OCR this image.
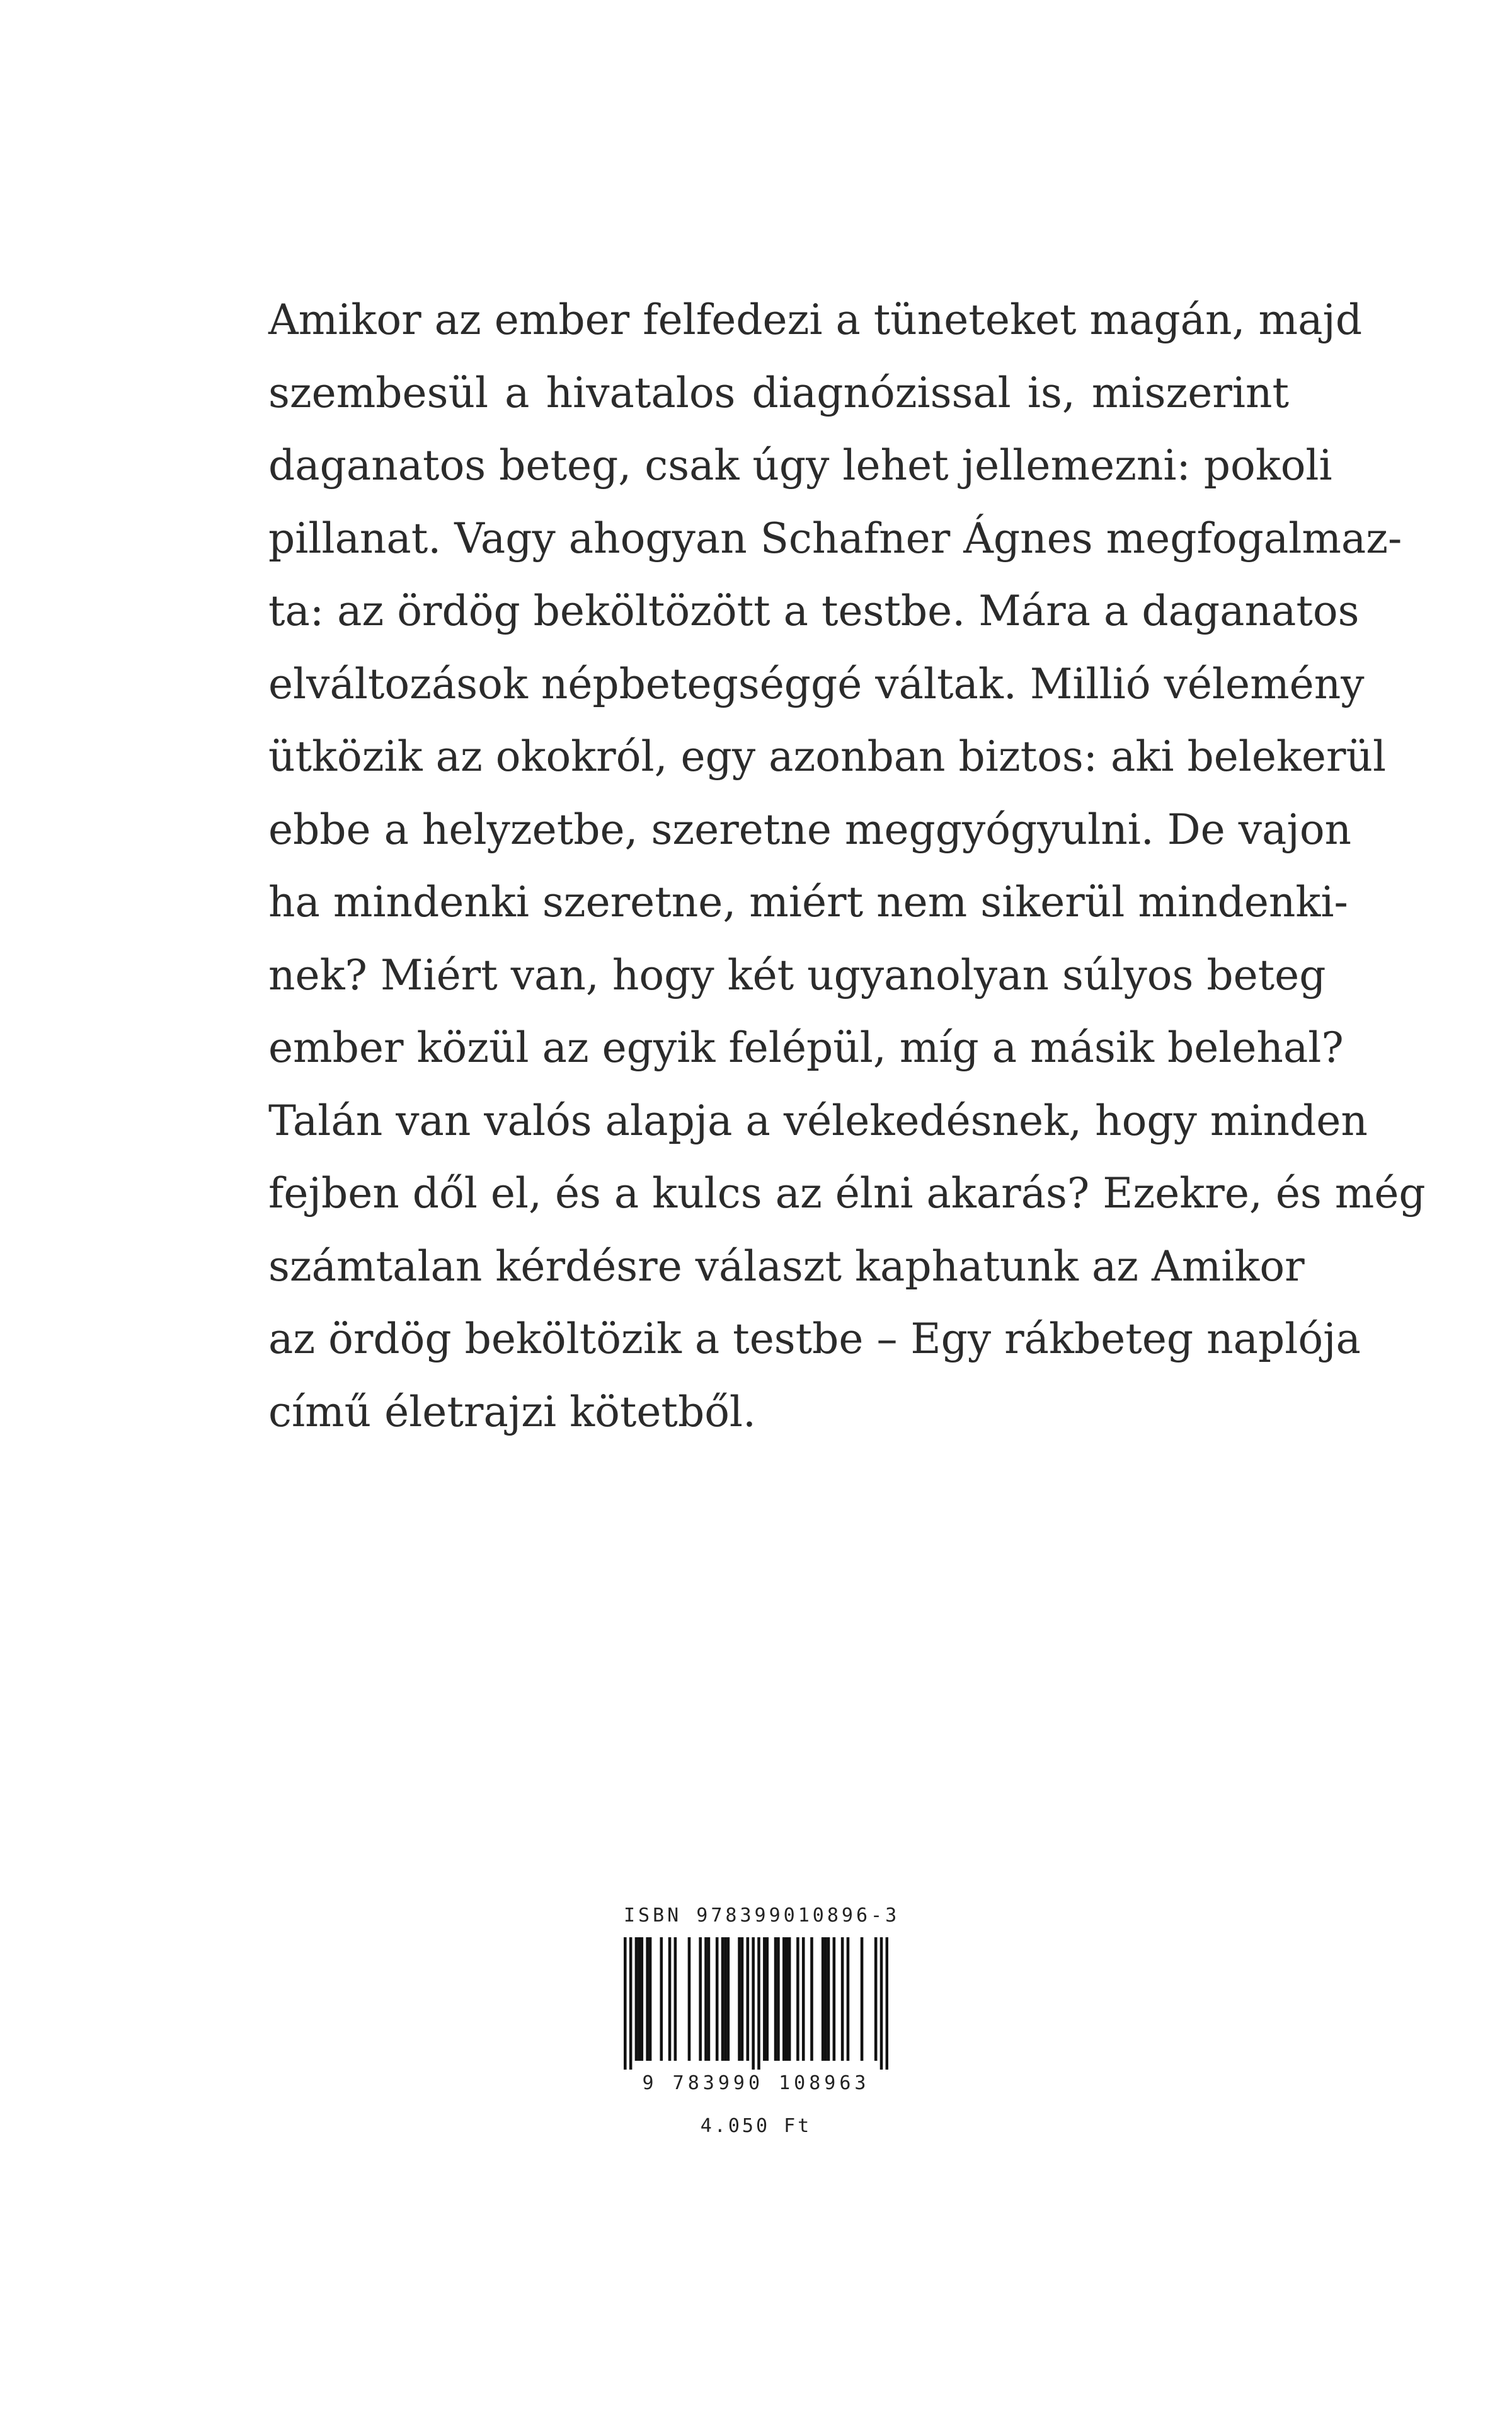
Amikor az ember felfedezi a tüneteket magán, majd
szembesül a hivatalos diagnózissal is, miszerint
daganatos beteg, csak úgy lehet jellemezni: pokoli
pillanat. Vagy ahogyan Schafner Ágnes megfogalmaz-
ta: az ördög beköltözött a testbe. Mára a daganatos
elváltozások népbetegséggé váltak. Millió vélemény
ütközik az okokról, egy azonban biztos: aki belekerül
ebbe a helyzetbe, szeretne meggyógyulni. De vajon
ha mindenki szeretne, miért nem sikerül mindenki-
nek? Miért van, hogy két ugyanolyan súlyos beteg
ember közül az egyik felépül, míg a másik belehal?
Talán van valós alapja a vélekedésnek, hogy minden
fejben dől el, és a kulcs az élni akarás? Ezekre, és még
számtalan kérdésre választ kaphatunk az Amikor
az ördög beköltözik a testbe – Egy rákbeteg naplója
című életrajzi kötetből.
ISBN 978399010896-3
9 783990 108963
4.050 Ft
